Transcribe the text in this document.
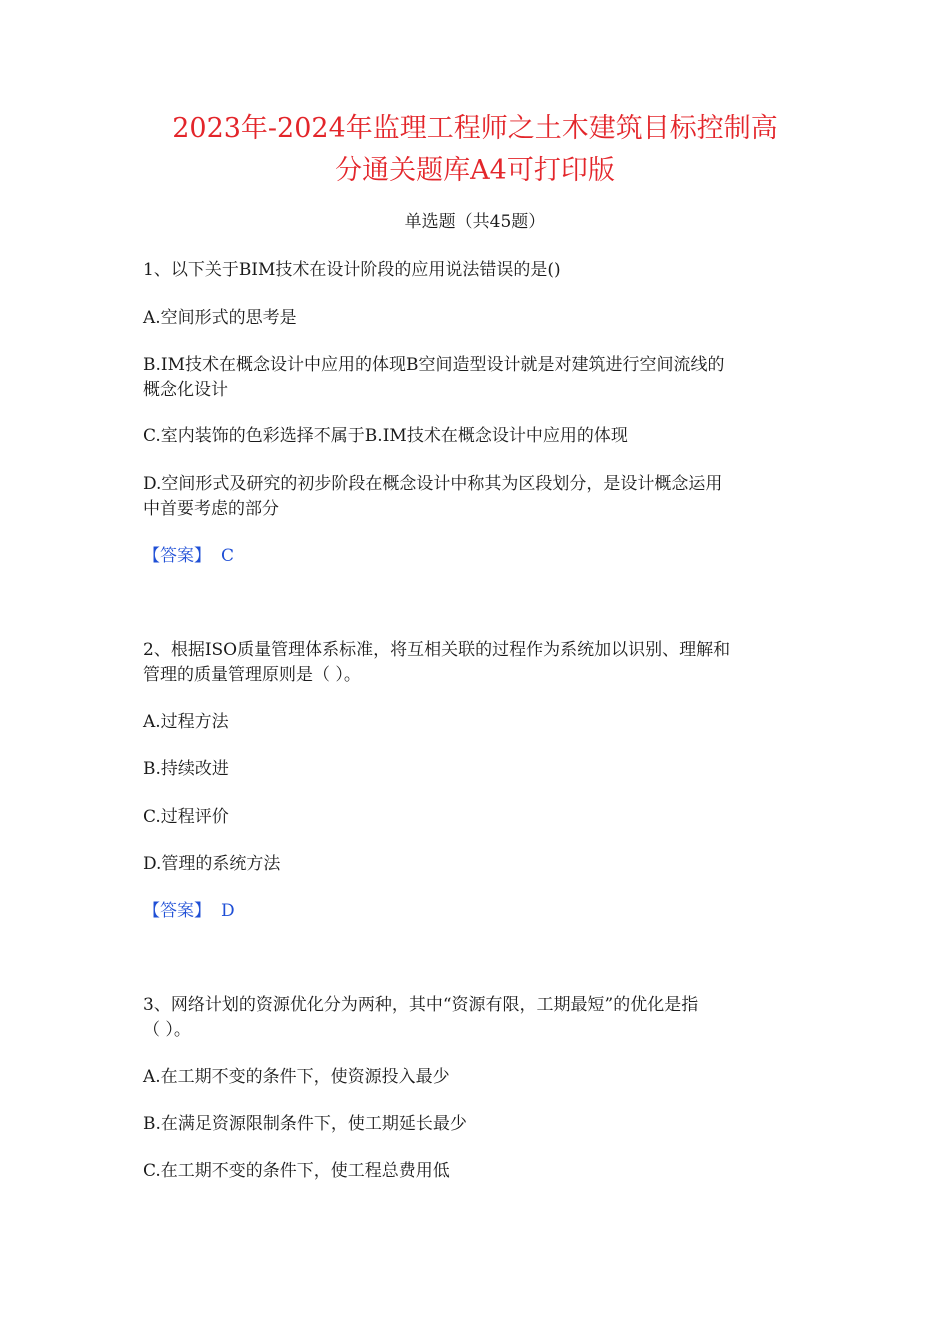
2023年-2024年监理工程师之土木建筑目标控制高
分通关题库A4可打印版
单选题（共45题）
1、以下关于BIM技术在设计阶段的应用说法错误的是()
A.空间形式的思考是
B.IM技术在概念设计中应用的体现B空间造型设计就是对建筑进行空间流线的
概念化设计
C.室内装饰的色彩选择不属于B.IM技术在概念设计中应用的体现
D.空间形式及研究的初步阶段在概念设计中称其为区段划分，是设计概念运用
中首要考虑的部分
【答案】 C
2、根据ISO质量管理体系标准，将互相关联的过程作为系统加以识别、理解和
管理的质量管理原则是（ ）。
A.过程方法
B.持续改进
C.过程评价
D.管理的系统方法
【答案】 D
3、网络计划的资源优化分为两种，其中“资源有限，工期最短”的优化是指
（ ）。
A.在工期不变的条件下，使资源投入最少
B.在满足资源限制条件下，使工期延长最少
C.在工期不变的条件下，使工程总费用低
